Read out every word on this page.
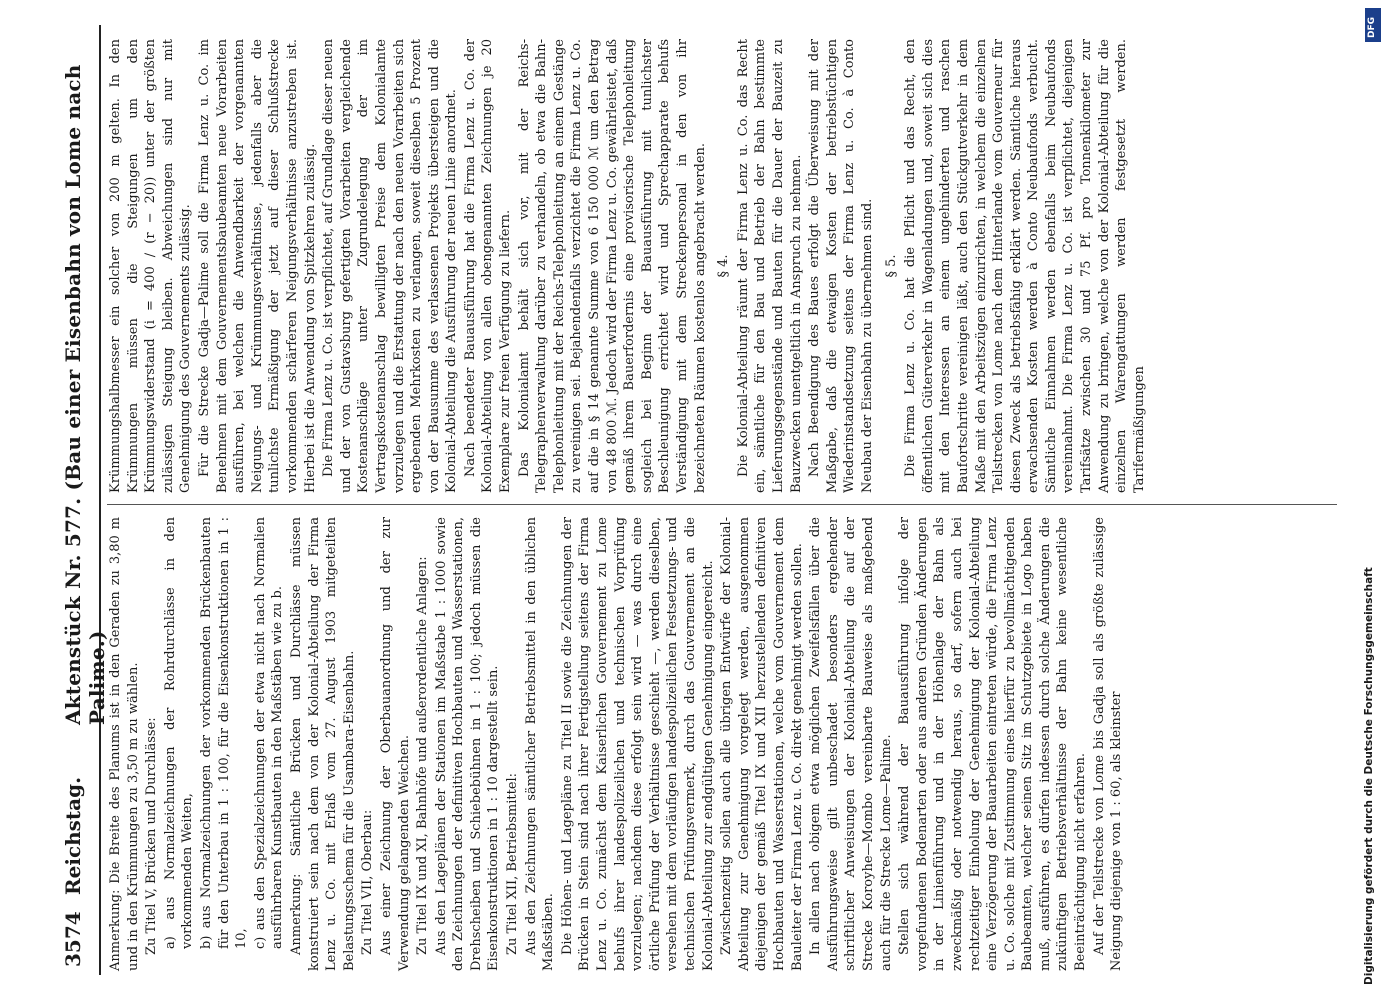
3574
Reichstag.
Aktenstück Nr. 577. (Bau einer Eisenbahn von Lome nach Palime.) Anmerkung: Die Breite des Planums ist in den Geraden zu 3,80 m und in den Krümmungen zu 3,50 m zu wählen. Zu Titel V, Brücken und Durchlässe: a) aus Normalzeichnungen der Rohrdurchlässe in den vorkommenden Weiten, b) aus Normalzeichnungen der vorkommenden Brückenbauten für den Unterbau in 1 : 100, für die Eisenkonstruktionen in 1 : 10, c) aus den Spezialzeichnungen der etwa nicht nach Normalien ausführbaren Kunstbauten in den Maßstäben wie zu b. Anmerkung: Sämtliche Brücken und Durchlässe müssen konstruiert sein nach dem von der Kolonial-Abteilung der Firma Lenz u. Co. mit Erlaß vom 27. August 1903 mitgeteilten Belastungsschema für die Usambara-Eisenbahn. Zu Titel VII, Oberbau: Aus einer Zeichnung der Oberbauanordnung und der zur Verwendung gelangenden Weichen. Zu Titel IX und XI, Bahnhöfe und außerordentliche Anlagen: Aus den Lageplänen der Stationen im Maßstabe 1 : 1000 sowie den Zeichnungen der definitiven Hochbauten und Wasserstationen, Drehscheiben und Schiebebühnen in 1 : 100; jedoch müssen die Eisenkonstruktionen in 1 : 10 dargestellt sein. Zu Titel XII, Betriebsmittel: Aus den Zeichnungen sämtlicher Betriebsmittel in den üblichen Maßstäben. Die Höhen- und Lagepläne zu Titel II sowie die Zeichnungen der Brücken in Stein sind nach ihrer Fertigstellung seitens der Firma Lenz u. Co. zunächst dem Kaiserlichen Gouvernement zu Lome behufs ihrer landespolizeilichen und technischen Vorprüfung vorzulegen; nachdem diese erfolgt sein wird — was durch eine örtliche Prüfung der Verhältnisse geschieht —, werden dieselben, versehen mit dem vorläufigen landespolizeilichen Festsetzungs- und technischen Prüfungsvermerk, durch das Gouvernement an die Kolonial-Abteilung zur endgültigen Genehmigung eingereicht. Zwischenzeitig sollen auch alle übrigen Entwürfe der Kolonial-Abteilung zur Genehmigung vorgelegt werden, ausgenommen diejenigen der gemäß Titel IX und XII herzustellenden definitiven Hochbauten und Wasserstationen, welche vom Gouvernement dem Bauleiter der Firma Lenz u. Co. direkt genehmigt werden sollen. In allen nach obigem etwa möglichen Zweifelsfällen über die Ausführungsweise gilt unbeschadet besonders ergehender schriftlicher Anweisungen der Kolonial-Abteilung die auf der Strecke Koroyhe—Mombo vereinbarte Bauweise als maßgebend auch für die Strecke Lome—Palime. Stellen sich während der Bauausführung infolge der vorgefundenen Bodenarten oder aus anderen Gründen Änderungen in der Linienführung und in der Höhenlage der Bahn als zweckmäßig oder notwendig heraus, so darf, sofern auch bei rechtzeitiger Einholung der Genehmigung der Kolonial-Abteilung eine Verzögerung der Bauarbeiten eintreten würde, die Firma Lenz u. Co. solche mit Zustimmung eines hierfür zu bevollmächtigenden Baubeamten, welcher seinen Sitz im Schutzgebiete in Logo haben muß, ausführen, es dürfen indessen durch solche Änderungen die zukünftigen Betriebsverhältnisse der Bahn keine wesentliche Beeinträchtigung nicht erfahren. Auf der Teilstrecke von Lome bis Gadja soll als größte zulässige Neigung diejenige von 1 : 60, als kleinster

Krümmungshalbmesser ein solcher von 200 m gelten. In den Krümmungen müssen die Steigungen um den Krümmungswiderstand (i = 400 / (r − 20)) unter der größten zulässigen Steigung bleiben. Abweichungen sind nur mit Genehmigung des Gouvernements zulässig. Für die Strecke Gadja—Palime soll die Firma Lenz u. Co. im Benehmen mit dem Gouvernementsbaubeamten neue Vorarbeiten ausführen, bei welchen die Anwendbarkeit der vorgenannten Neigungs- und Krümmungsverhältnisse, jedenfalls aber die tunlichste Ermäßigung der jetzt auf dieser Schlußstrecke vorkommenden schärferen Neigungsverhältnisse anzustreben ist. Hierbei ist die Anwendung von Spitzkehren zulässig. Die Firma Lenz u. Co. ist verpflichtet, auf Grundlage dieser neuen und der von Gustavsburg gefertigten Vorarbeiten vergleichende Kostenanschläge unter Zugrundelegung der im Vertragskostenanschlag bewilligten Preise dem Kolonialamte vorzulegen und die Erstattung der nach den neuen Vorarbeiten sich ergebenden Mehrkosten zu verlangen, soweit dieselben 5 Prozent von der Bausumme des verlassenen Projekts übersteigen und die Kolonial-Abteilung die Ausführung der neuen Linie anordnet. Nach beendeter Bauausführung hat die Firma Lenz u. Co. der Kolonial-Abteilung von allen obengenannten Zeichnungen je 20 Exemplare zur freien Verfügung zu liefern. Das Kolonialamt behält sich vor, mit der Reichs-Telegraphenverwaltung darüber zu verhandeln, ob etwa die Bahn-Telephonleitung mit der Reichs-Telephonleitung an einem Gestänge zu vereinigen sei. Bejahendenfalls verzichtet die Firma Lenz u. Co. auf die in § 14 genannte Summe von 6 150 000 ℳ um den Betrag von 48 800 ℳ. Jedoch wird der Firma Lenz u. Co. gewährleistet, daß gemäß ihrem Bauerfordernis eine provisorische Telephonleitung sogleich bei Beginn der Bauausführung mit tunlichster Beschleunigung errichtet wird und Sprechapparate behufs Verständigung mit dem Streckenpersonal in den von ihr bezeichneten Räumen kostenlos angebracht werden. § 4. Die Kolonial-Abteilung räumt der Firma Lenz u. Co. das Recht ein, sämtliche für den Bau und Betrieb der Bahn bestimmte Lieferungsgegenstände und Bauten für die Dauer der Bauzeit zu Bauzwecken unentgeltlich in Anspruch zu nehmen. Nach Beendigung des Baues erfolgt die Überweisung mit der Maßgabe, daß die etwaigen Kosten der betriebstüchtigen Wiederinstandsetzung seitens der Firma Lenz u. Co. à Conto Neubau der Eisenbahn zu übernehmen sind. § 5. Die Firma Lenz u. Co. hat die Pflicht und das Recht, den öffentlichen Güterverkehr in Wagenladungen und, soweit sich dies mit den Interessen an einem ungehinderten und raschen Baufortschritte vereinigen läßt, auch den Stückgutverkehr in dem Maße mit den Arbeitszügen einzurichten, in welchem die einzelnen Teilstrecken von Lome nach dem Hinterlande vom Gouverneur für diesen Zweck als betriebsfähig erklärt werden. Sämtliche hieraus erwachsenden Kosten werden à Conto Neubaufonds verbucht. Sämtliche Einnahmen werden ebenfalls beim Neubaufonds vereinnahmt. Die Firma Lenz u. Co. ist verpflichtet, diejenigen Tarifsätze zwischen 30 und 75 Pf. pro Tonnenkilometer zur Anwendung zu bringen, welche von der Kolonial-Abteilung für die einzelnen Warengattungen werden festgesetzt werden. Tarifermäßigungen

Digitalisierung gefördert durch die Deutsche Forschungsgemeinschaft
DFG
